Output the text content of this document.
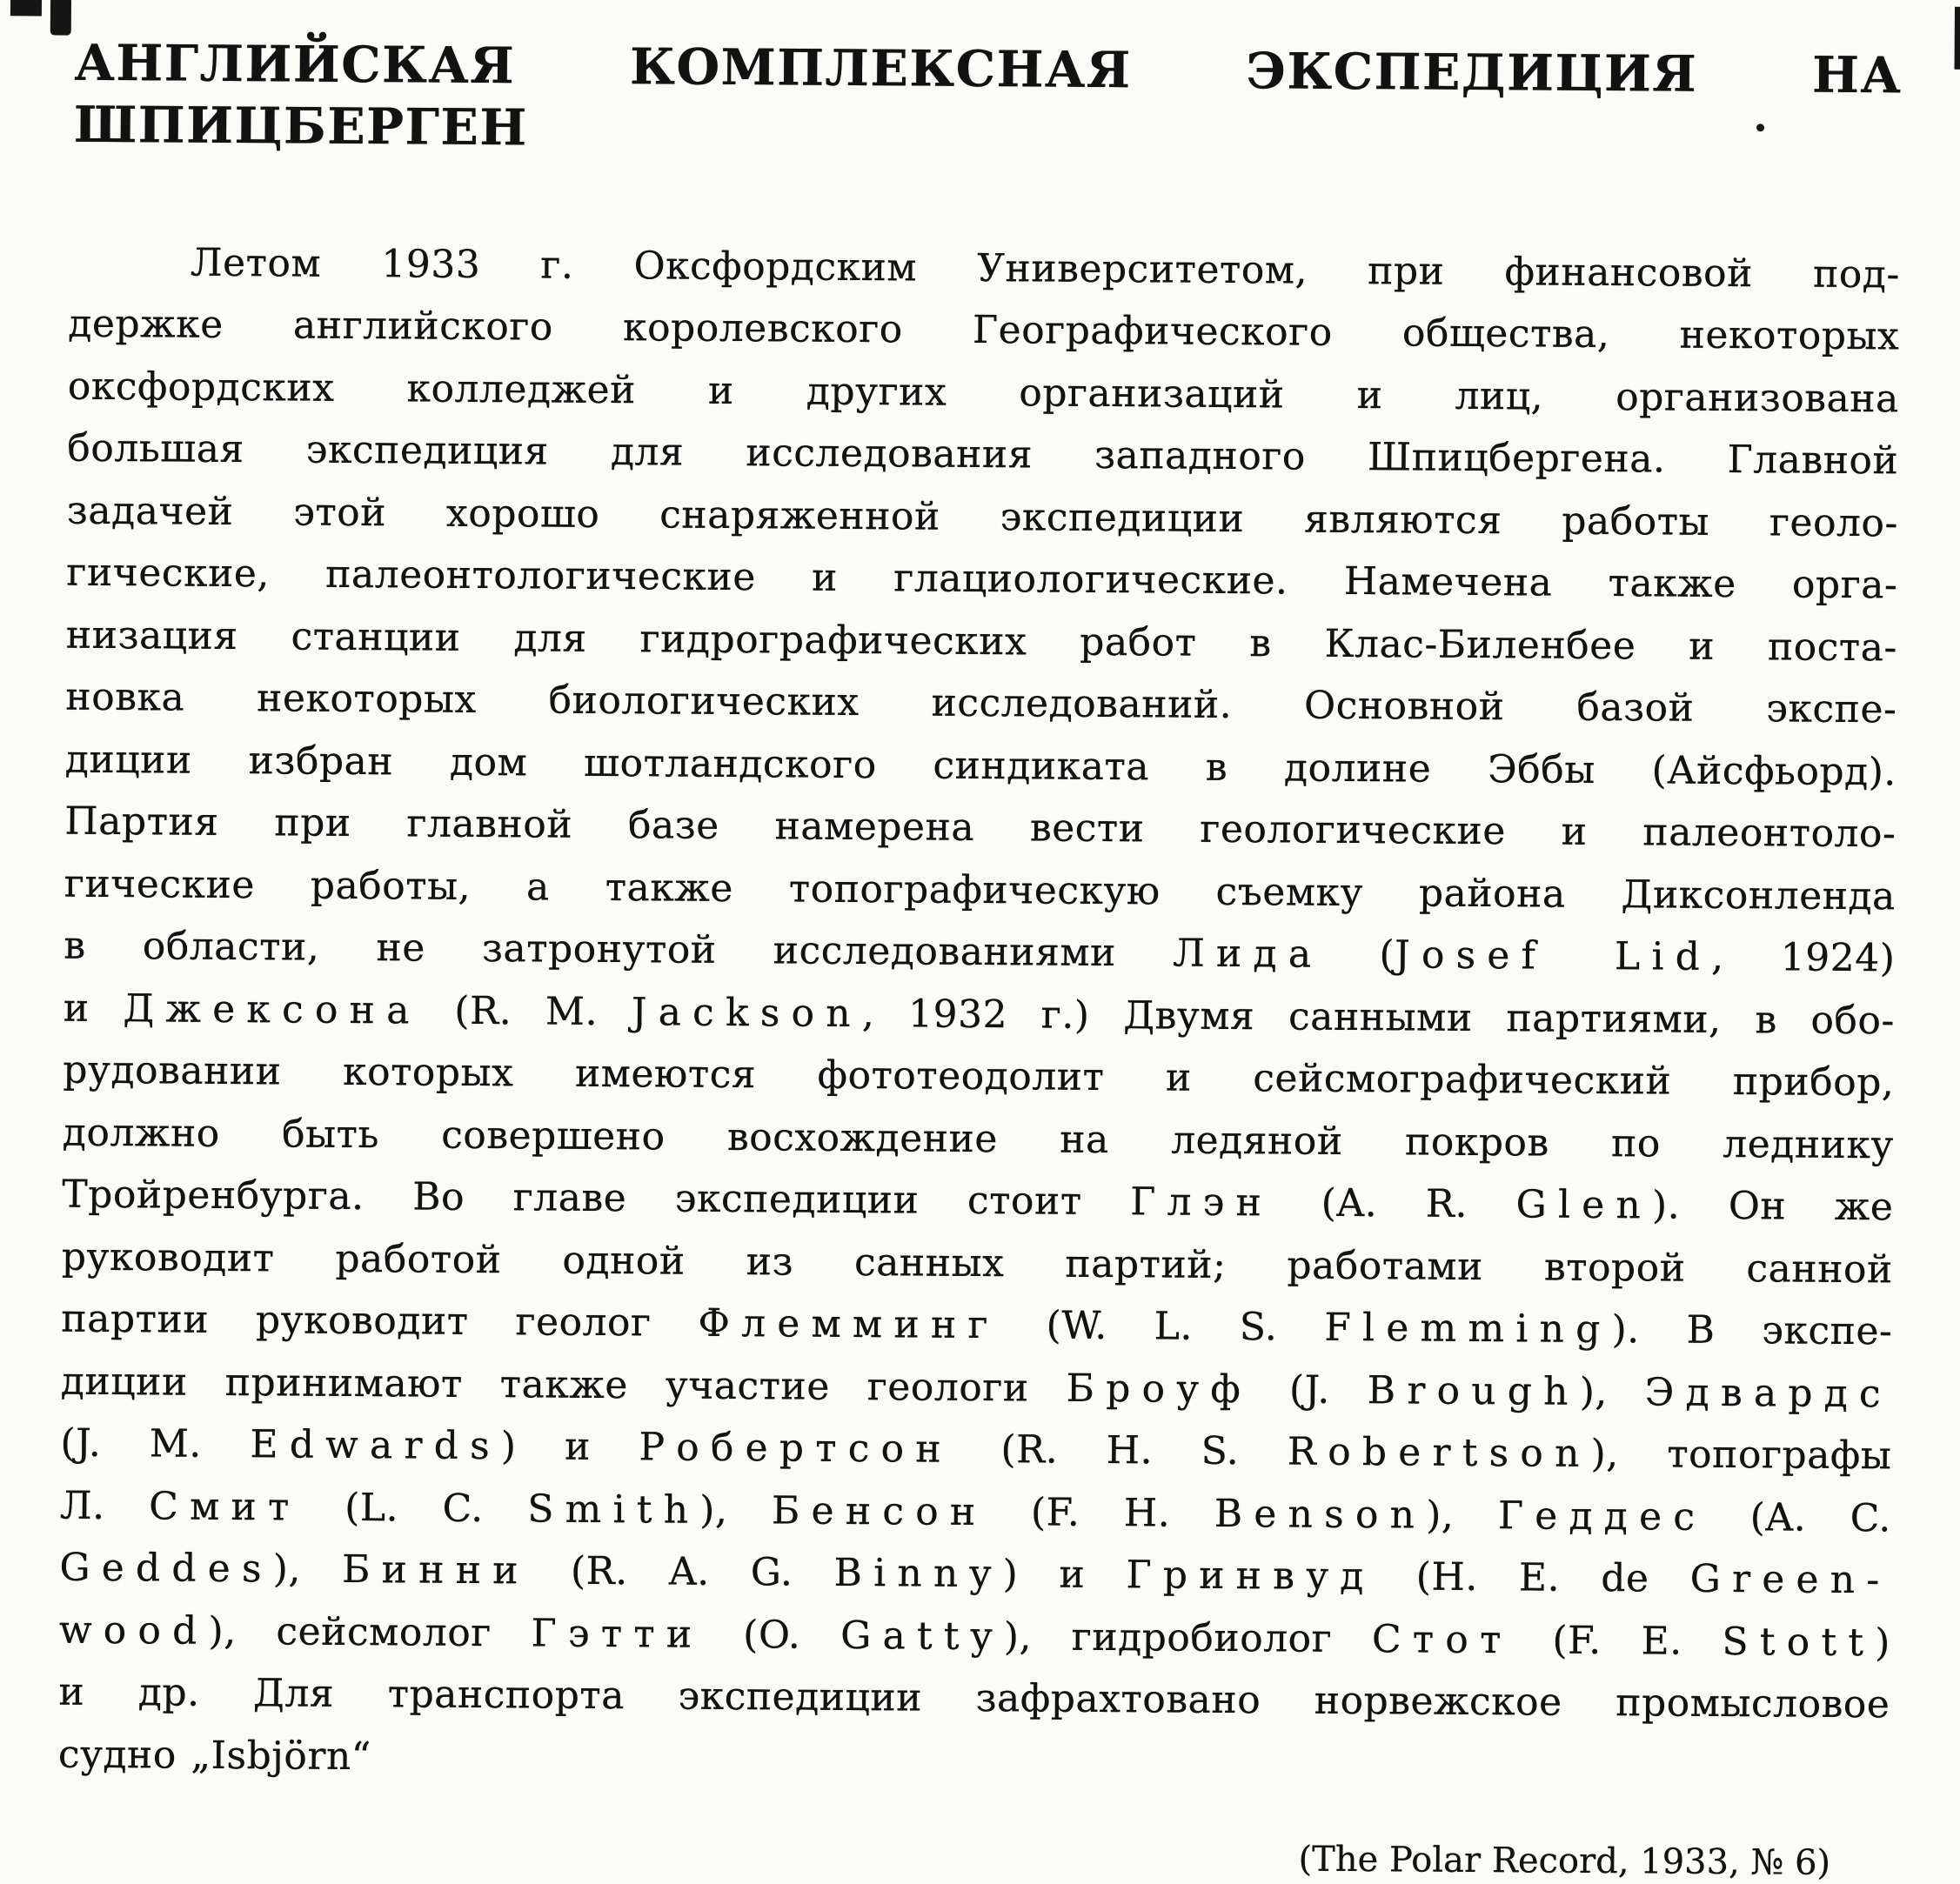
АНГЛИЙСКАЯ КОМПЛЕКСНАЯ ЭКСПЕДИЦИЯ НА ШПИЦБЕРГЕН
Летом 1933 г. Оксфордским Университетом, при финансовой под-
держке английского королевского Географического общества, некоторых
оксфордских колледжей и других организаций и лиц, организована
большая экспедиция для исследования западного Шпицбергена. Главной
задачей этой хорошо снаряженной экспедиции являются работы геоло-
гические, палеонтологические и глациологические. Намечена также орга-
низация станции для гидрографических работ в Клас-Биленбее и поста-
новка некоторых биологических исследований. Основной базой экспе-
диции избран дом шотландского синдиката в долине Эббы (Айсфьорд).
Партия при главной базе намерена вести геологические и палеонтоло-
гические работы, а также топографическую съемку района Диксонленда
в области, не затронутой исследованиями Лида (Josef Lid, 1924)
и Джексона (R. M. Jackson, 1932 г.) Двумя санными партиями, в обо-
рудовании которых имеются фототеодолит и сейсмографический прибор,
должно быть совершено восхождение на ледяной покров по леднику
Тройренбурга. Во главе экспедиции стоит Глэн (A. R. Glen). Он же
руководит работой одной из санных партий; работами второй санной
партии руководит геолог Флемминг (W. L. S. Flemming). В экспе-
диции принимают также участие геологи Броуф (J. Brough), Эдвардс
(J. M. Edwards) и Робертсон (R. H. S. Robertson), топографы
Л. Смит (L. C. Smith), Бенсон (F. H. Benson), Геддес (A. C.
Geddes), Бинни (R. A. G. Binny) и Гринвуд (H. E. de Green-
wood), сейсмолог Гэтти (O. Gatty), гидробиолог Стот (F. E. Stott)
и др. Для транспорта экспедиции зафрахтовано норвежское промысловое
судно „Isbjörn“
(The Polar Record, 1933, № 6)
